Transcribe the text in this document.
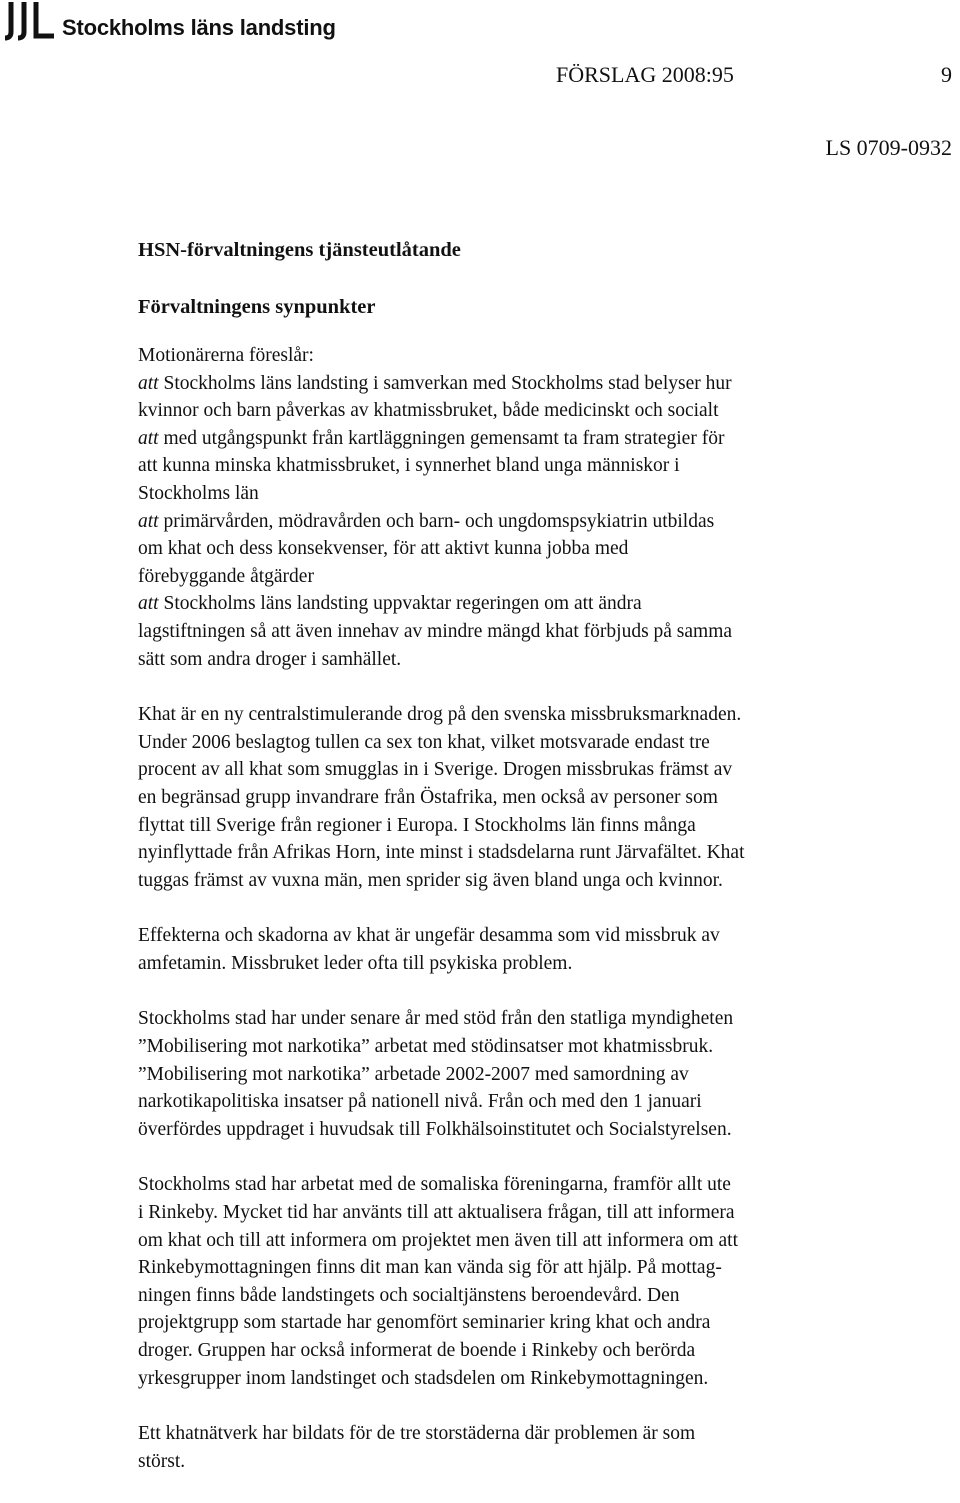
Stockholms läns landsting
FÖRSLAG 2008:95	9
LS 0709-0932
HSN-förvaltningens tjänsteutlåtande
Förvaltningens synpunkter
Motionärerna föreslår:
att Stockholms läns landsting i samverkan med Stockholms stad belyser hur
kvinnor och barn påverkas av khatmissbruket, både medicinskt och socialt
att med utgångspunkt från kartläggningen gemensamt ta fram strategier för
att kunna minska khatmissbruket, i synnerhet bland unga människor i
Stockholms län
att primärvården, mödravården och barn- och ungdomspsykiatrin utbildas
om khat och dess konsekvenser, för att aktivt kunna jobba med
förebyggande åtgärder
att Stockholms läns landsting uppvaktar regeringen om att ändra
lagstiftningen så att även innehav av mindre mängd khat förbjuds på samma
sätt som andra droger i samhället.
Khat är en ny centralstimulerande drog på den svenska missbruksmarknaden.
Under 2006 beslagtog tullen ca sex ton khat, vilket motsvarade endast tre
procent av all khat som smugglas in i Sverige. Drogen missbrukas främst av
en begränsad grupp invandrare från Östafrika, men också av personer som
flyttat till Sverige från regioner i Europa. I Stockholms län finns många
nyinflyttade från Afrikas Horn, inte minst i stadsdelarna runt Järvafältet. Khat
tuggas främst av vuxna män, men sprider sig även bland unga och kvinnor.
Effekterna och skadorna av khat är ungefär desamma som vid missbruk av
amfetamin. Missbruket leder ofta till psykiska problem.
Stockholms stad har under senare år med stöd från den statliga myndigheten
”Mobilisering mot narkotika” arbetat med stödinsatser mot khatmissbruk.
”Mobilisering mot narkotika” arbetade 2002-2007 med samordning av
narkotikapolitiska insatser på nationell nivå. Från och med den 1 januari
överfördes uppdraget i huvudsak till Folkhälsoinstitutet och Socialstyrelsen.
Stockholms stad har arbetat med de somaliska föreningarna, framför allt ute
i Rinkeby. Mycket tid har använts till att aktualisera frågan, till att informera
om khat och till att informera om projektet men även till att informera om att
Rinkebymottagningen finns dit man kan vända sig för att hjälp. På mottag-
ningen finns både landstingets och socialtjänstens beroendevård. Den
projektgrupp som startade har genomfört seminarier kring khat och andra
droger. Gruppen har också informerat de boende i Rinkeby och berörda
yrkesgrupper inom landstinget och stadsdelen om Rinkebymottagningen.
Ett khatnätverk har bildats för de tre storstäderna där problemen är som
störst.
